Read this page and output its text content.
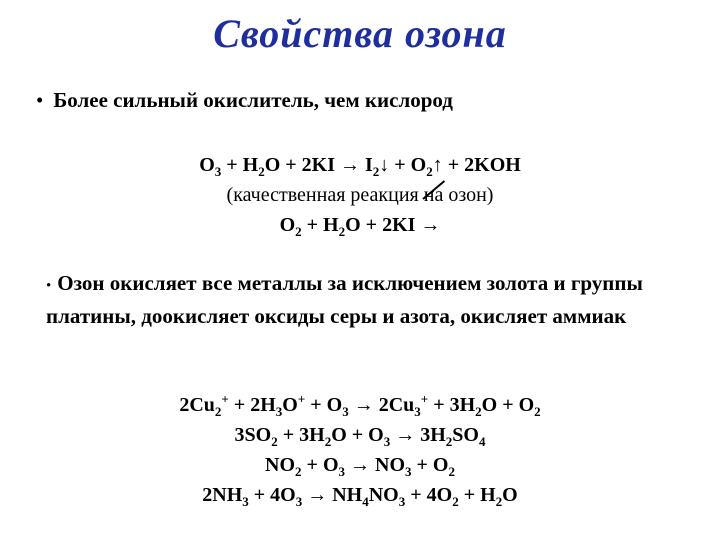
Свойства озона
• Более сильный окислитель, чем кислород
$O_3 + H_2O + 2KI$ → $I_2↓$ + $O_2↑ + 2KOH$
(качественная реакция на озон)
$O_2 + H_2O + 2KI$
→
• Озон окисляет все металлы за исключением золота и группы платины, доокисляет оксиды серы и азота, окисляет аммиак
$2Cu_2^+ + 2H_3O^+ + O_3 \to 2Cu_3^+ + 3H_2O + O_2$
$3SO_2 + 3H_2O + O_3 \to 3H_2SO_4$
$NO_2 + O_3 \to NO_3 + O_2$
$2NH_3 + 4O_3 \to NH_4NO_3 + 4O_2 + H_2O$
